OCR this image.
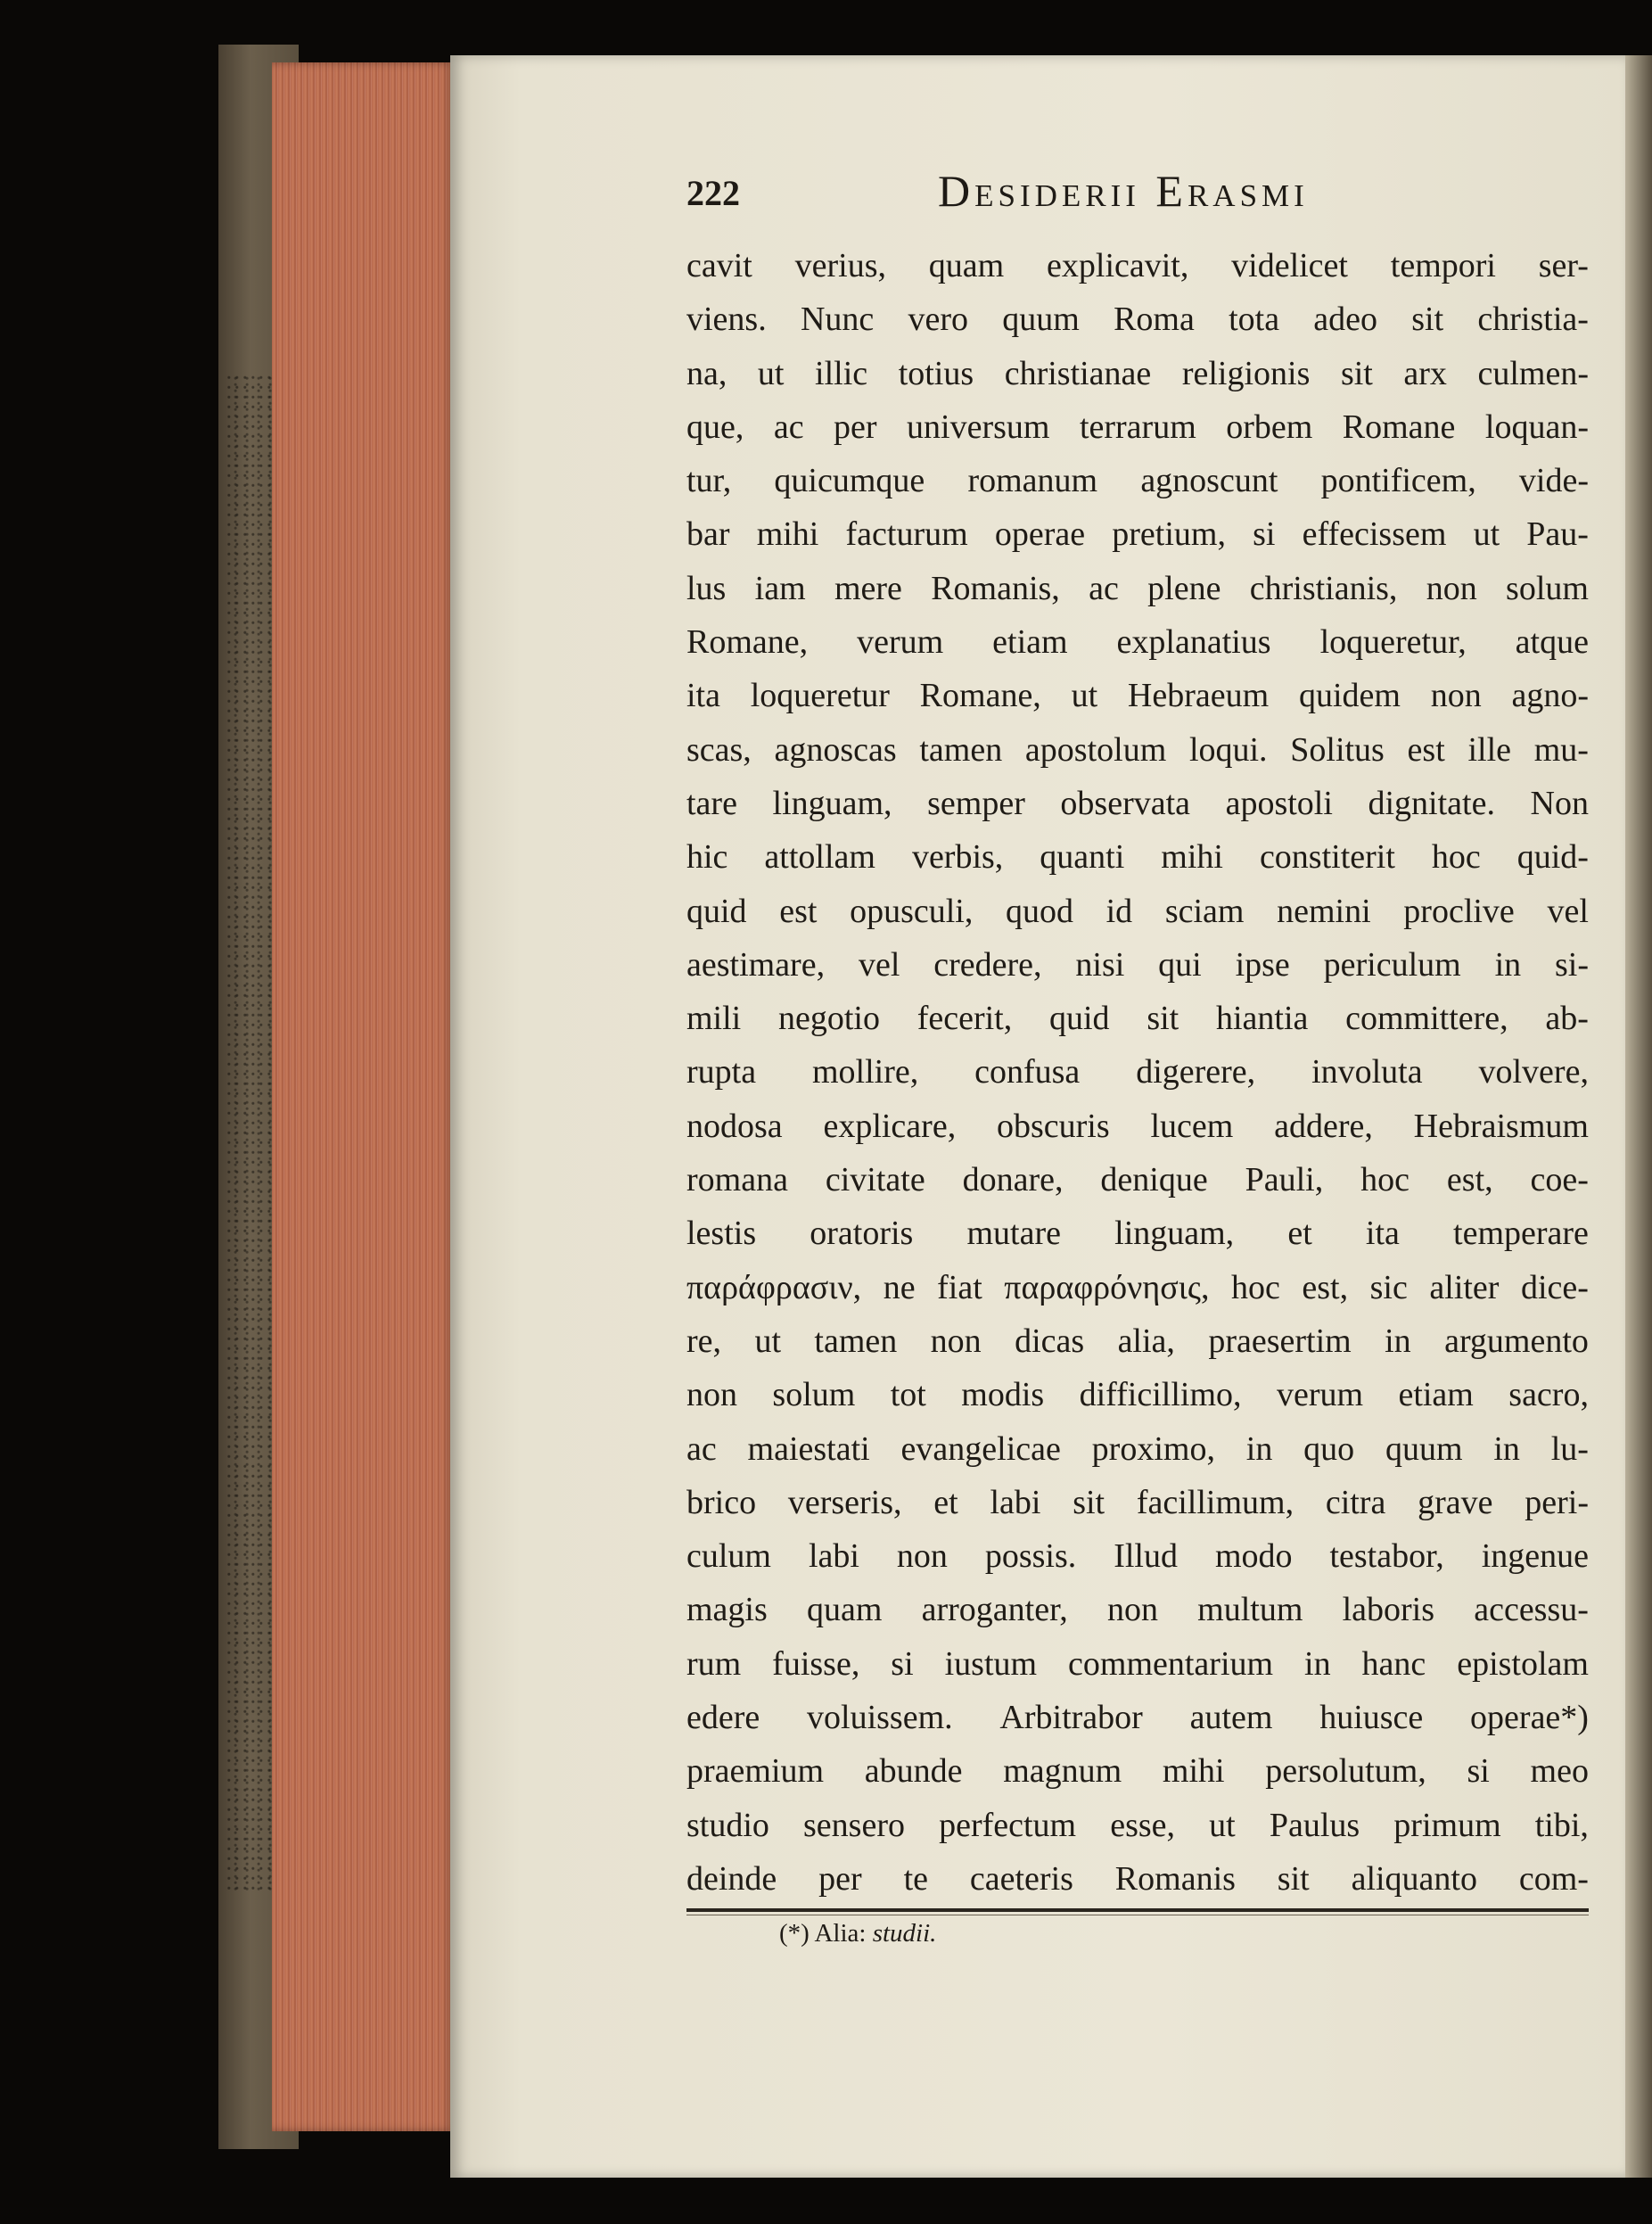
222	Desiderii Erasmi
cavit verius, quam explicavit, videlicet tempori ser-
viens. Nunc vero quum Roma tota adeo sit christia-
na, ut illic totius christianae religionis sit arx culmen-
que, ac per universum terrarum orbem Romane loquan-
tur, quicumque romanum agnoscunt pontificem, vide-
bar mihi facturum operae pretium, si effecissem ut Pau-
lus iam mere Romanis, ac plene christianis, non solum
Romane, verum etiam explanatius loqueretur, atque
ita loqueretur Romane, ut Hebraeum quidem non agno-
scas, agnoscas tamen apostolum loqui. Solitus est ille mu-
tare linguam, semper observata apostoli dignitate. Non
hic attollam verbis, quanti mihi constiterit hoc quid-
quid est opusculi, quod id sciam nemini proclive vel
aestimare, vel credere, nisi qui ipse periculum in si-
mili negotio fecerit, quid sit hiantia committere, ab-
rupta mollire, confusa digerere, involuta volvere,
nodosa explicare, obscuris lucem addere, Hebraismum
romana civitate donare, denique Pauli, hoc est, coe-
lestis oratoris mutare linguam, et ita temperare
παράφρασιν, ne fiat παραφρόνησις, hoc est, sic aliter dice-
re, ut tamen non dicas alia, praesertim in argumento
non solum tot modis difficillimo, verum etiam sacro,
ac maiestati evangelicae proximo, in quo quum in lu-
brico verseris, et labi sit facillimum, citra grave peri-
culum labi non possis. Illud modo testabor, ingenue
magis quam arroganter, non multum laboris accessu-
rum fuisse, si iustum commentarium in hanc epistolam
edere voluissem. Arbitrabor autem huiusce operae*)
praemium abunde magnum mihi persolutum, si meo
studio sensero perfectum esse, ut Paulus primum tibi,
deinde per te caeteris Romanis sit aliquanto com-
(*) Alia: studii.
